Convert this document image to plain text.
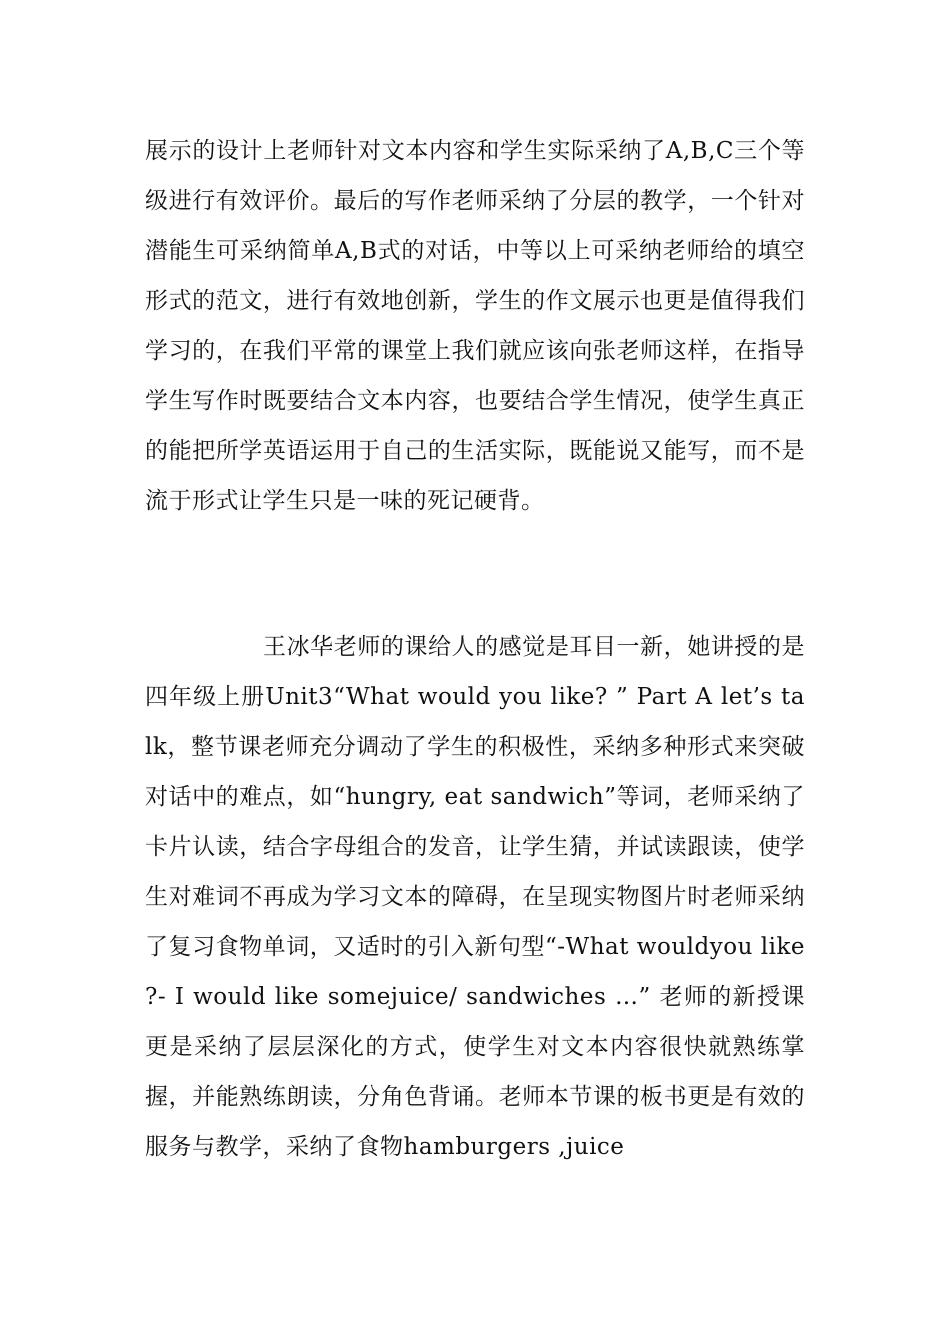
展示的设计上老师针对文本内容和学生实际采纳了A,B,C三个等级进行有效评价。最后的写作老师采纳了分层的教学，一个针对潜能生可采纳简单A,B式的对话，中等以上可采纳老师给的填空形式的范文，进行有效地创新，学生的作文展示也更是值得我们学习的，在我们平常的课堂上我们就应该向张老师这样，在指导学生写作时既要结合文本内容，也要结合学生情况，使学生真正的能把所学英语运用于自己的生活实际，既能说又能写，而不是流于形式让学生只是一味的死记硬背。

王冰华老师的课给人的感觉是耳目一新，她讲授的是四年级上册Unit3“What would you like? ” Part A let’s talk，整节课老师充分调动了学生的积极性，采纳多种形式来突破对话中的难点，如“hungry, eat sandwich”等词，老师采纳了卡片认读，结合字母组合的发音，让学生猜，并试读跟读，使学生对难词不再成为学习文本的障碍，在呈现实物图片时老师采纳了复习食物单词，又适时的引入新句型“-What wouldyou like ?- I would like somejuice/ sandwiches …” 老师的新授课更是采纳了层层深化的方式，使学生对文本内容很快就熟练掌握，并能熟练朗读，分角色背诵。老师本节课的板书更是有效的服务与教学，采纳了食物hamburgers ,juice
